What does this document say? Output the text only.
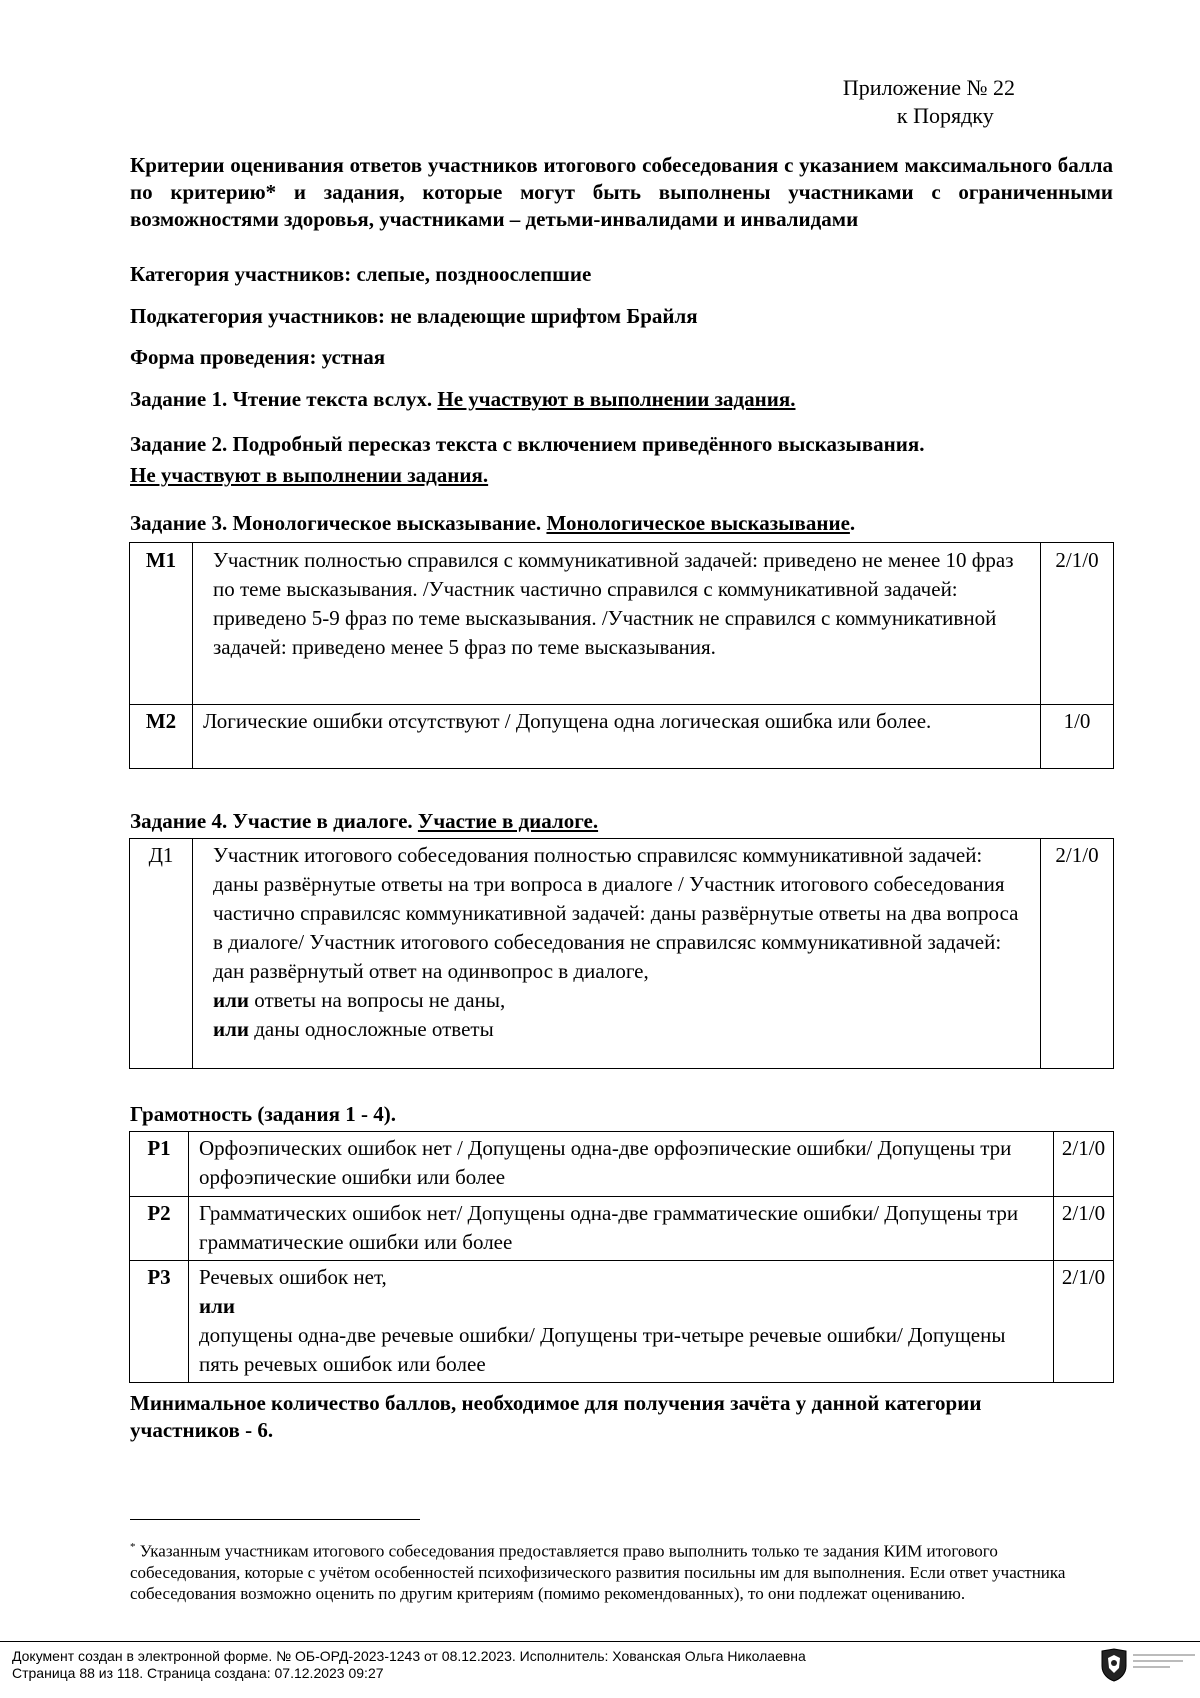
Приложение № 22
к Порядку
Критерии оценивания ответов участников итогового собеседования с указанием максимального балла по критерию* и задания, которые могут быть выполнены участниками с ограниченными возможностями здоровья, участниками – детьми-инвалидами и инвалидами
Категория участников: слепые, поздноослепшие
Подкатегория участников: не владеющие шрифтом Брайля
Форма проведения: устная
Задание 1. Чтение текста вслух. Не участвуют в выполнении задания.
Задание 2. Подробный пересказ текста с включением приведённого высказывания.
Не участвуют в выполнении задания.
Задание 3. Монологическое высказывание. Монологическое высказывание.
М1	Участник полностью справился с коммуникативной задачей: приведено не менее 10 фраз по теме высказывания. /Участник частично справился с коммуникативной задачей: приведено 5-9 фраз по теме высказывания. /Участник не справился с коммуникативной задачей: приведено менее 5 фраз по теме высказывания.	2/1/0
М2	Логические ошибки отсутствуют / Допущена одна логическая ошибка или более.	1/0
Задание 4. Участие в диалоге. Участие в диалоге.
Д1	Участник итогового собеседования полностью справилсяс коммуникативной задачей: даны развёрнутые ответы на три вопроса в диалоге / Участник итогового собеседования частично справилсяс коммуникативной задачей: даны развёрнутые ответы на два вопроса в диалоге/ Участник итогового собеседования не справилсяс коммуникативной задачей: дан развёрнутый ответ на одинвопрос в диалоге,
или ответы на вопросы не даны,
или даны односложные ответы	2/1/0
Грамотность (задания 1 - 4).
Р1	Орфоэпических ошибок нет / Допущены одна-две орфоэпические ошибки/ Допущены три орфоэпические ошибки или более	2/1/0
Р2	Грамматических ошибок нет/ Допущены одна-две грамматические ошибки/ Допущены три грамматические ошибки или более	2/1/0
Р3	Речевых ошибок нет,
или
допущены одна-две речевые ошибки/ Допущены три-четыре речевые ошибки/ Допущены пять речевых ошибок или более	2/1/0
Минимальное количество баллов, необходимое для получения зачёта у данной категории участников - 6.
* Указанным участникам итогового собеседования предоставляется право выполнить только те задания КИМ итогового собеседования, которые с учётом особенностей психофизического развития посильны им для выполнения. Если ответ участника собеседования возможно оценить по другим критериям (помимо рекомендованных), то они подлежат оцениванию.
Документ создан в электронной форме. № ОБ-ОРД-2023-1243 от 08.12.2023. Исполнитель: Хованская Ольга Николаевна
Страница 88 из 118. Страница создана: 07.12.2023 09:27
